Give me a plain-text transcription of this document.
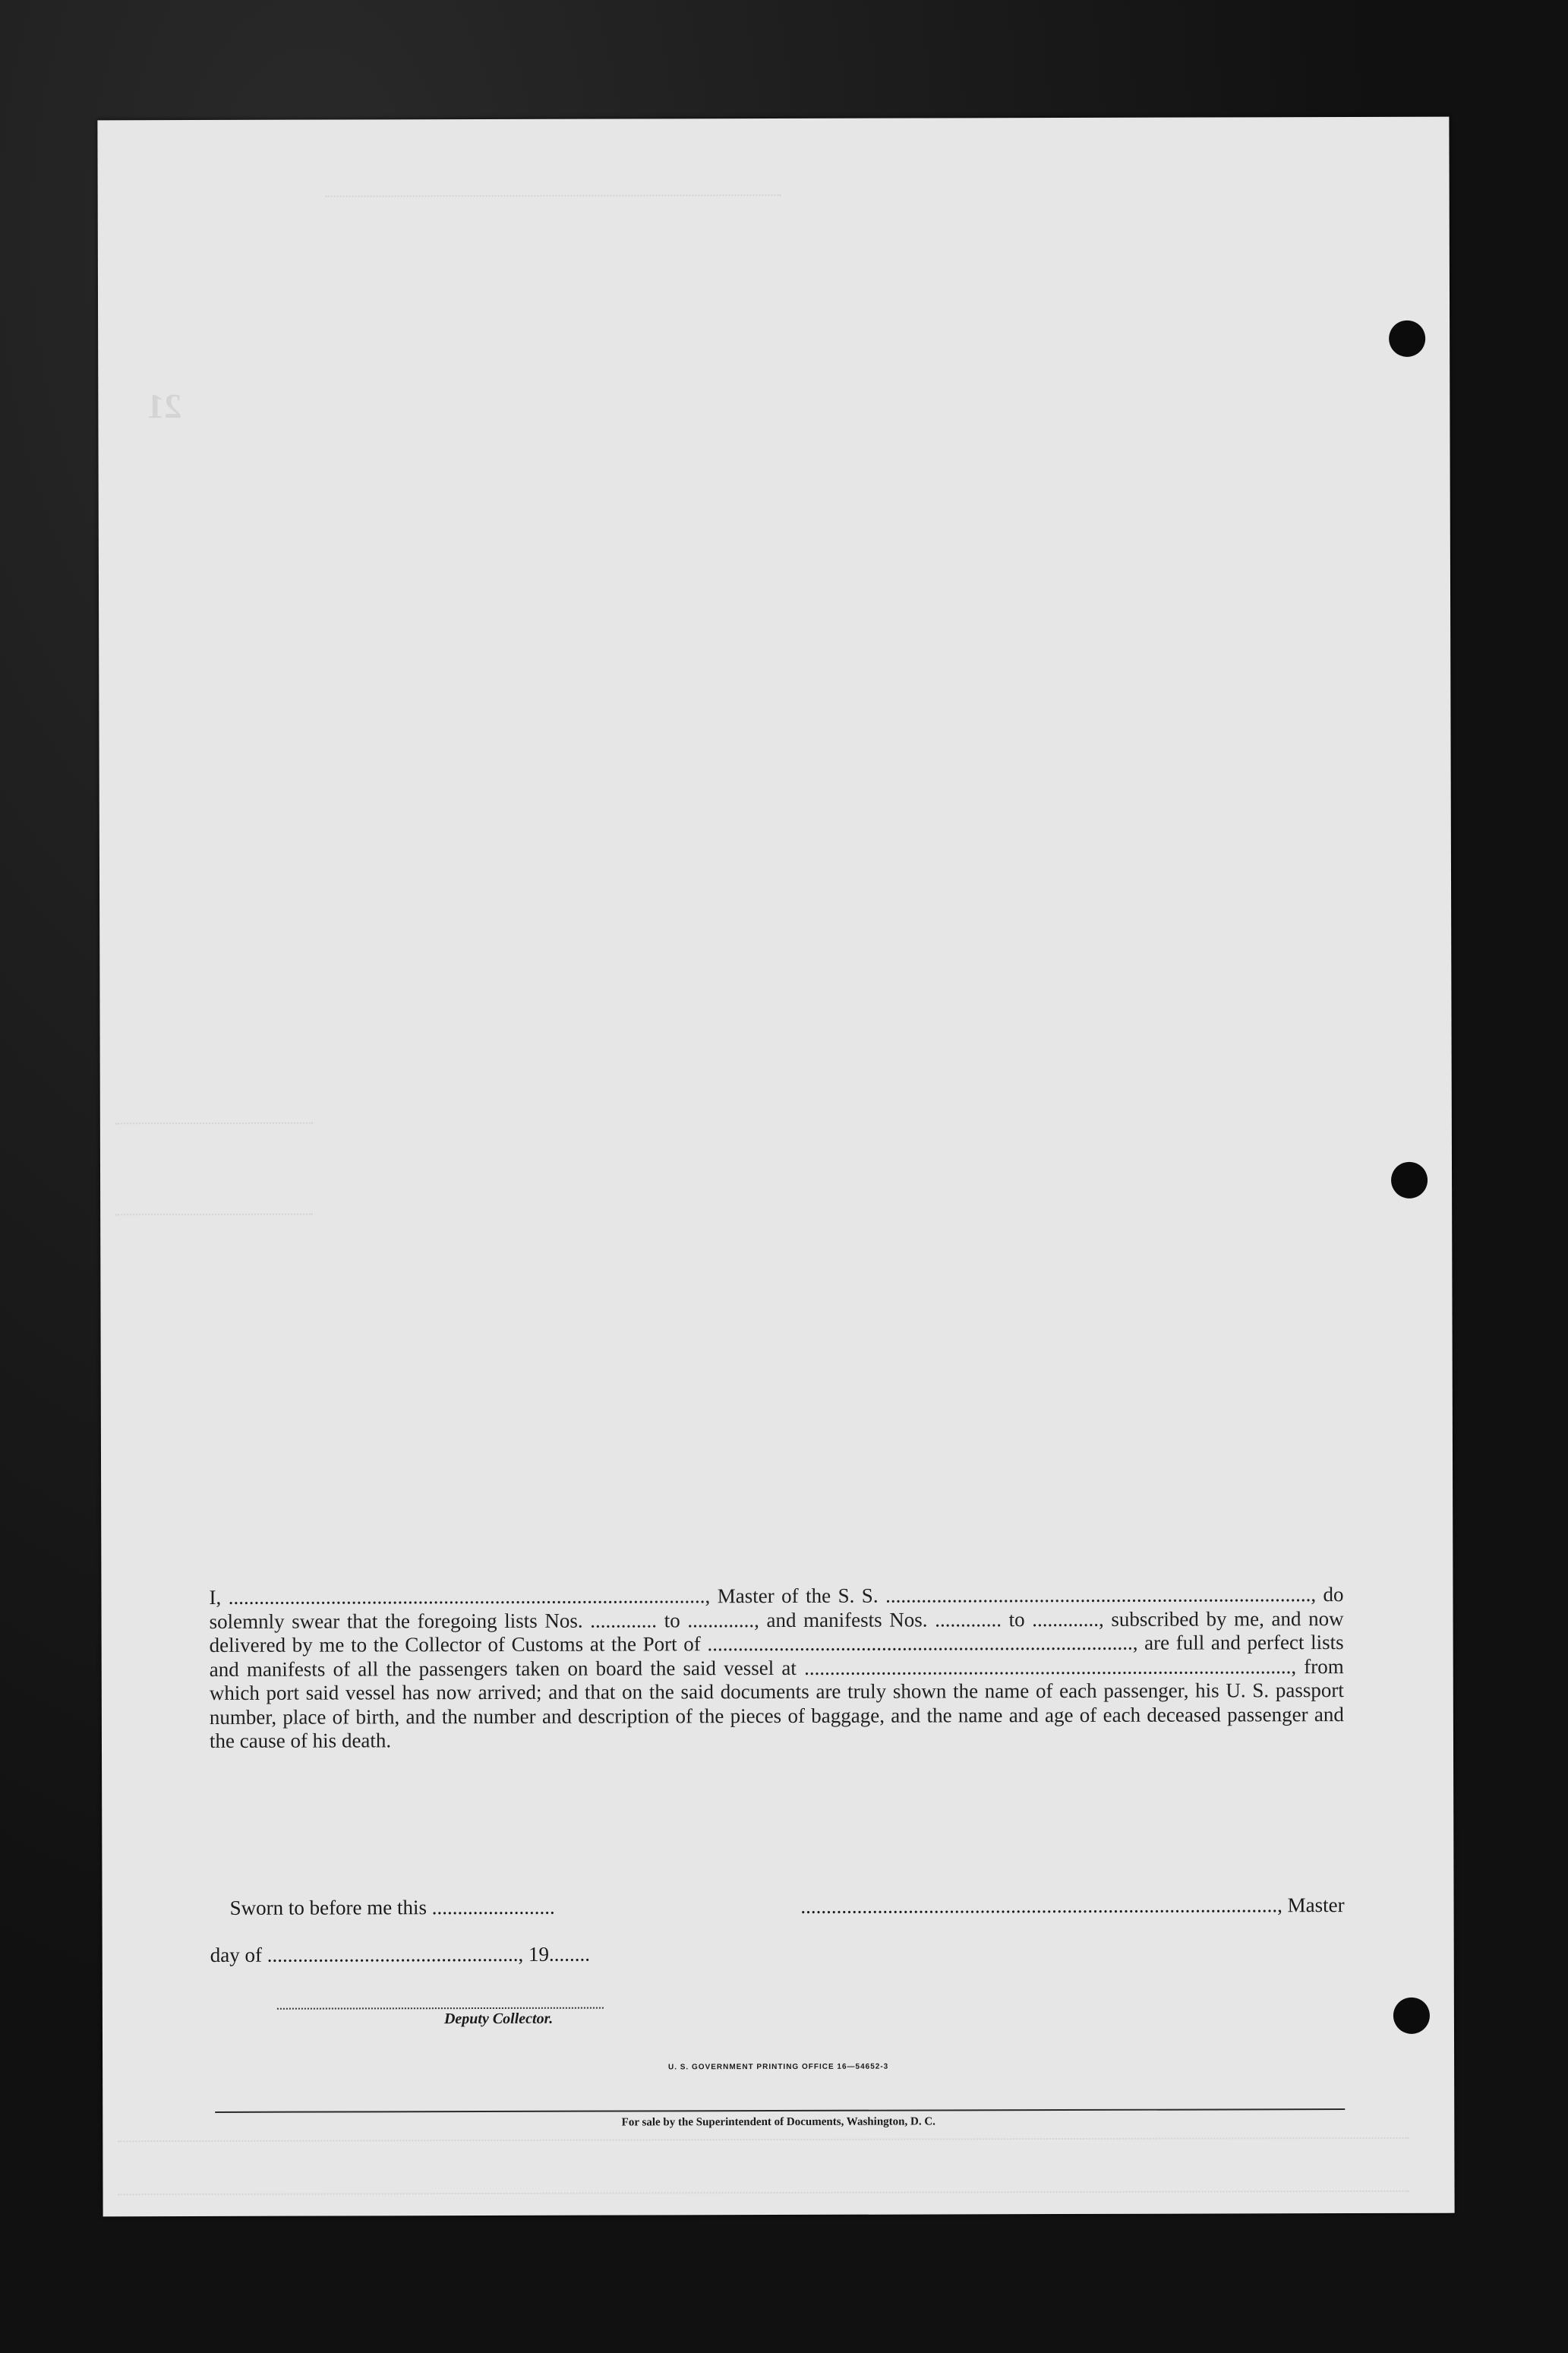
21

I, ............................................................................................., Master of the S. S. ..................................................................................., do solemnly swear that the foregoing lists Nos. ............. to ............., and manifests Nos. ............. to ............., subscribed by me, and now delivered by me to the Collector of Customs at the Port of ..................................................................................., are full and perfect lists and manifests of all the passengers taken on board the said vessel at ..............................................................................................., from which port said vessel has now arrived; and that on the said documents are truly shown the name of each passenger, his U. S. passport number, place of birth, and the number and description of the pieces of baggage, and the name and age of each deceased passenger and the cause of his death.

Sworn to before me this ........................	............................................................................................., Master
day of ................................................., 19........
Deputy Collector.
U. S. GOVERNMENT PRINTING OFFICE 16—54652-3
For sale by the Superintendent of Documents, Washington, D. C.
